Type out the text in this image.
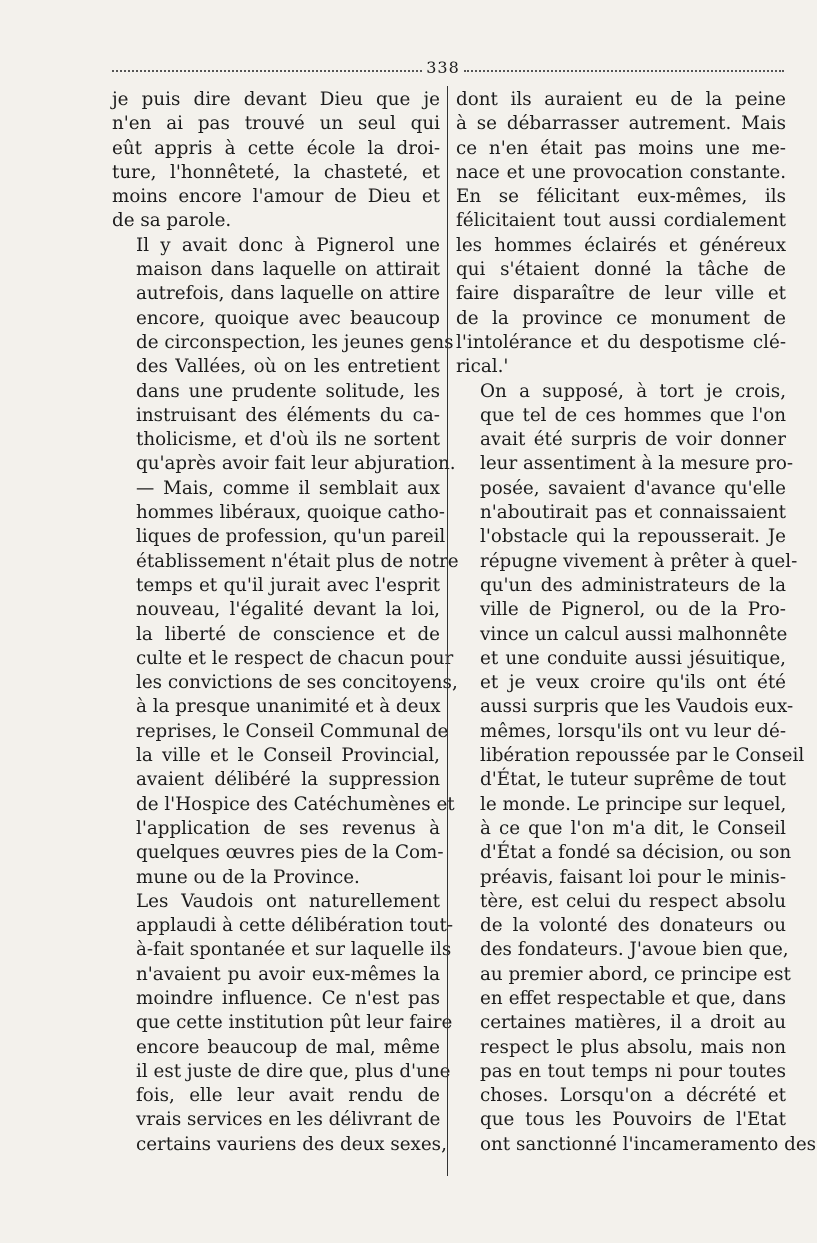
338

je puis dire devant Dieu que je
n'en ai pas trouvé un seul qui
eût appris à cette école la droi-
ture, l'honnêteté, la chasteté, et
moins encore l'amour de Dieu et
de sa parole.

Il y avait donc à Pignerol une
maison dans laquelle on attirait
autrefois, dans laquelle on attire
encore, quoique avec beaucoup
de circonspection, les jeunes gens
des Vallées, où on les entretient
dans une prudente solitude, les
instruisant des éléments du ca-
tholicisme, et d'où ils ne sortent
qu'après avoir fait leur abjuration.
— Mais, comme il semblait aux
hommes libéraux, quoique catho-
liques de profession, qu'un pareil
établissement n'était plus de notre
temps et qu'il jurait avec l'esprit
nouveau, l'égalité devant la loi,
la liberté de conscience et de
culte et le respect de chacun pour
les convictions de ses concitoyens,
à la presque unanimité et à deux
reprises, le Conseil Communal de
la ville et le Conseil Provincial,
avaient délibéré la suppression
de l'Hospice des Catéchumènes et
l'application de ses revenus à
quelques œuvres pies de la Com-
mune ou de la Province.

Les Vaudois ont naturellement
applaudi à cette délibération tout-
à-fait spontanée et sur laquelle ils
n'avaient pu avoir eux-mêmes la
moindre influence. Ce n'est pas
que cette institution pût leur faire
encore beaucoup de mal, même
il est juste de dire que, plus d'une
fois, elle leur avait rendu de
vrais services en les délivrant de
certains vauriens des deux sexes,

dont ils auraient eu de la peine
à se débarrasser autrement. Mais
ce n'en était pas moins une me-
nace et une provocation constante.
En se félicitant eux-mêmes, ils
félicitaient tout aussi cordialement
les hommes éclairés et généreux
qui s'étaient donné la tâche de
faire disparaître de leur ville et
de la province ce monument de
l'intolérance et du despotisme clé-
rical.'

On a supposé, à tort je crois,
que tel de ces hommes que l'on
avait été surpris de voir donner
leur assentiment à la mesure pro-
posée, savaient d'avance qu'elle
n'aboutirait pas et connaissaient
l'obstacle qui la repousserait. Je
répugne vivement à prêter à quel-
qu'un des administrateurs de la
ville de Pignerol, ou de la Pro-
vince un calcul aussi malhonnête
et une conduite aussi jésuitique,
et je veux croire qu'ils ont été
aussi surpris que les Vaudois eux-
mêmes, lorsqu'ils ont vu leur dé-
libération repoussée par le Conseil
d'État, le tuteur suprême de tout
le monde. Le principe sur lequel,
à ce que l'on m'a dit, le Conseil
d'État a fondé sa décision, ou son
préavis, faisant loi pour le minis-
tère, est celui du respect absolu
de la volonté des donateurs ou
des fondateurs. J'avoue bien que,
au premier abord, ce principe est
en effet respectable et que, dans
certaines matières, il a droit au
respect le plus absolu, mais non
pas en tout temps ni pour toutes
choses. Lorsqu'on a décrété et
que tous les Pouvoirs de l'Etat
ont sanctionné l'incameramento des
